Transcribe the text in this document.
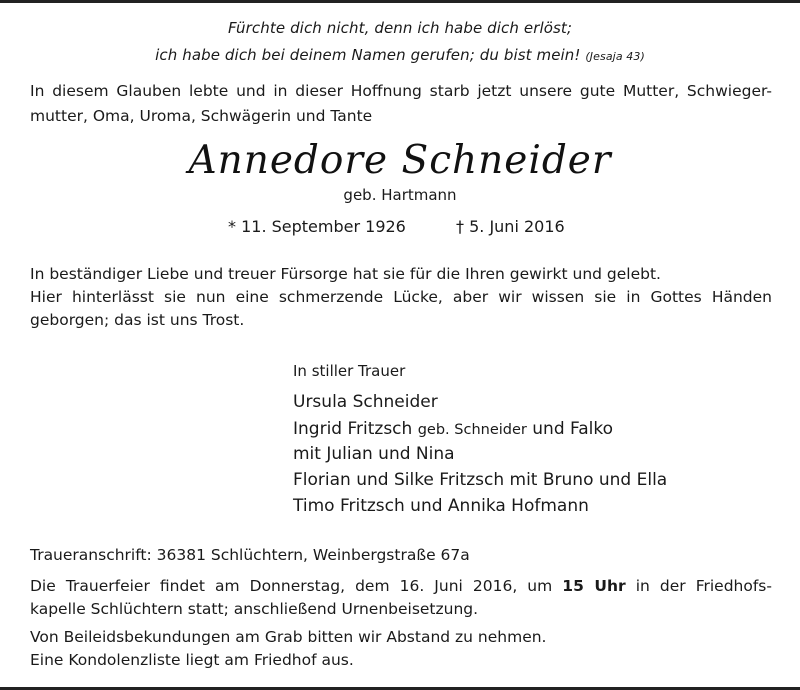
Fürchte dich nicht, denn ich habe dich erlöst;
ich habe dich bei deinem Namen gerufen; du bist mein! (Jesaja 43)
In diesem Glauben lebte und in dieser Hoffnung starb jetzt unsere gute Mutter, Schwieger-
mutter, Oma, Uroma, Schwägerin und Tante
Annedore Schneider
geb. Hartmann
* 11. September 1926	† 5. Juni 2016
In beständiger Liebe und treuer Fürsorge hat sie für die Ihren gewirkt und gelebt.
Hier hinterlässt sie nun eine schmerzende Lücke, aber wir wissen sie in Gottes Händen
geborgen; das ist uns Trost.
In stiller Trauer
Ursula Schneider
Ingrid Fritzsch geb. Schneider und Falko
mit Julian und Nina
Florian und Silke Fritzsch mit Bruno und Ella
Timo Fritzsch und Annika Hofmann
Traueranschrift: 36381 Schlüchtern, Weinbergstraße 67a
Die Trauerfeier findet am Donnerstag, dem 16. Juni 2016, um 15 Uhr in der Friedhofs-
kapelle Schlüchtern statt; anschließend Urnenbeisetzung.
Von Beileidsbekundungen am Grab bitten wir Abstand zu nehmen.
Eine Kondolenzliste liegt am Friedhof aus.
